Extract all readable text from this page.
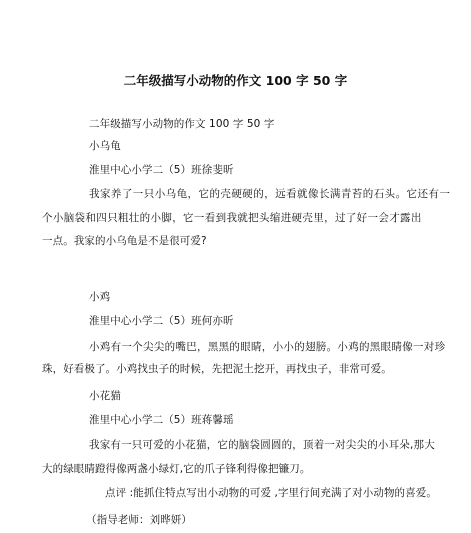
二年级描写小动物的作文 100 字 50 字
二年级描写小动物的作文 100 字 50 字
小乌龟
淮里中心小学二（5）班徐斐昕
我家养了一只小乌龟，它的壳硬硬的，远看就像长满青苔的石头。它还有一
个小脑袋和四只粗壮的小脚，它一看到我就把头缩进硬壳里，过了好一会才露出
一点。我家的小乌龟是不是很可爱?
小鸡
淮里中心小学二（5）班何亦昕
小鸡有一个尖尖的嘴巴，黑黑的眼睛，小小的翅膀。小鸡的黑眼睛像一对珍
珠，好看极了。小鸡找虫子的时候，先把泥土挖开，再找虫子，非常可爱。
小花猫
淮里中心小学二（5）班蒋馨瑶
我家有一只可爱的小花猫，它的脑袋圆圆的，顶着一对尖尖的小耳朵,那大
大的绿眼睛蹬得像两盏小绿灯,它的爪子锋利得像把镰刀。
点评 :能抓住特点写出小动物的可爱 ,字里行间充满了对小动物的喜爱。
（指导老师：刘晔妍）
